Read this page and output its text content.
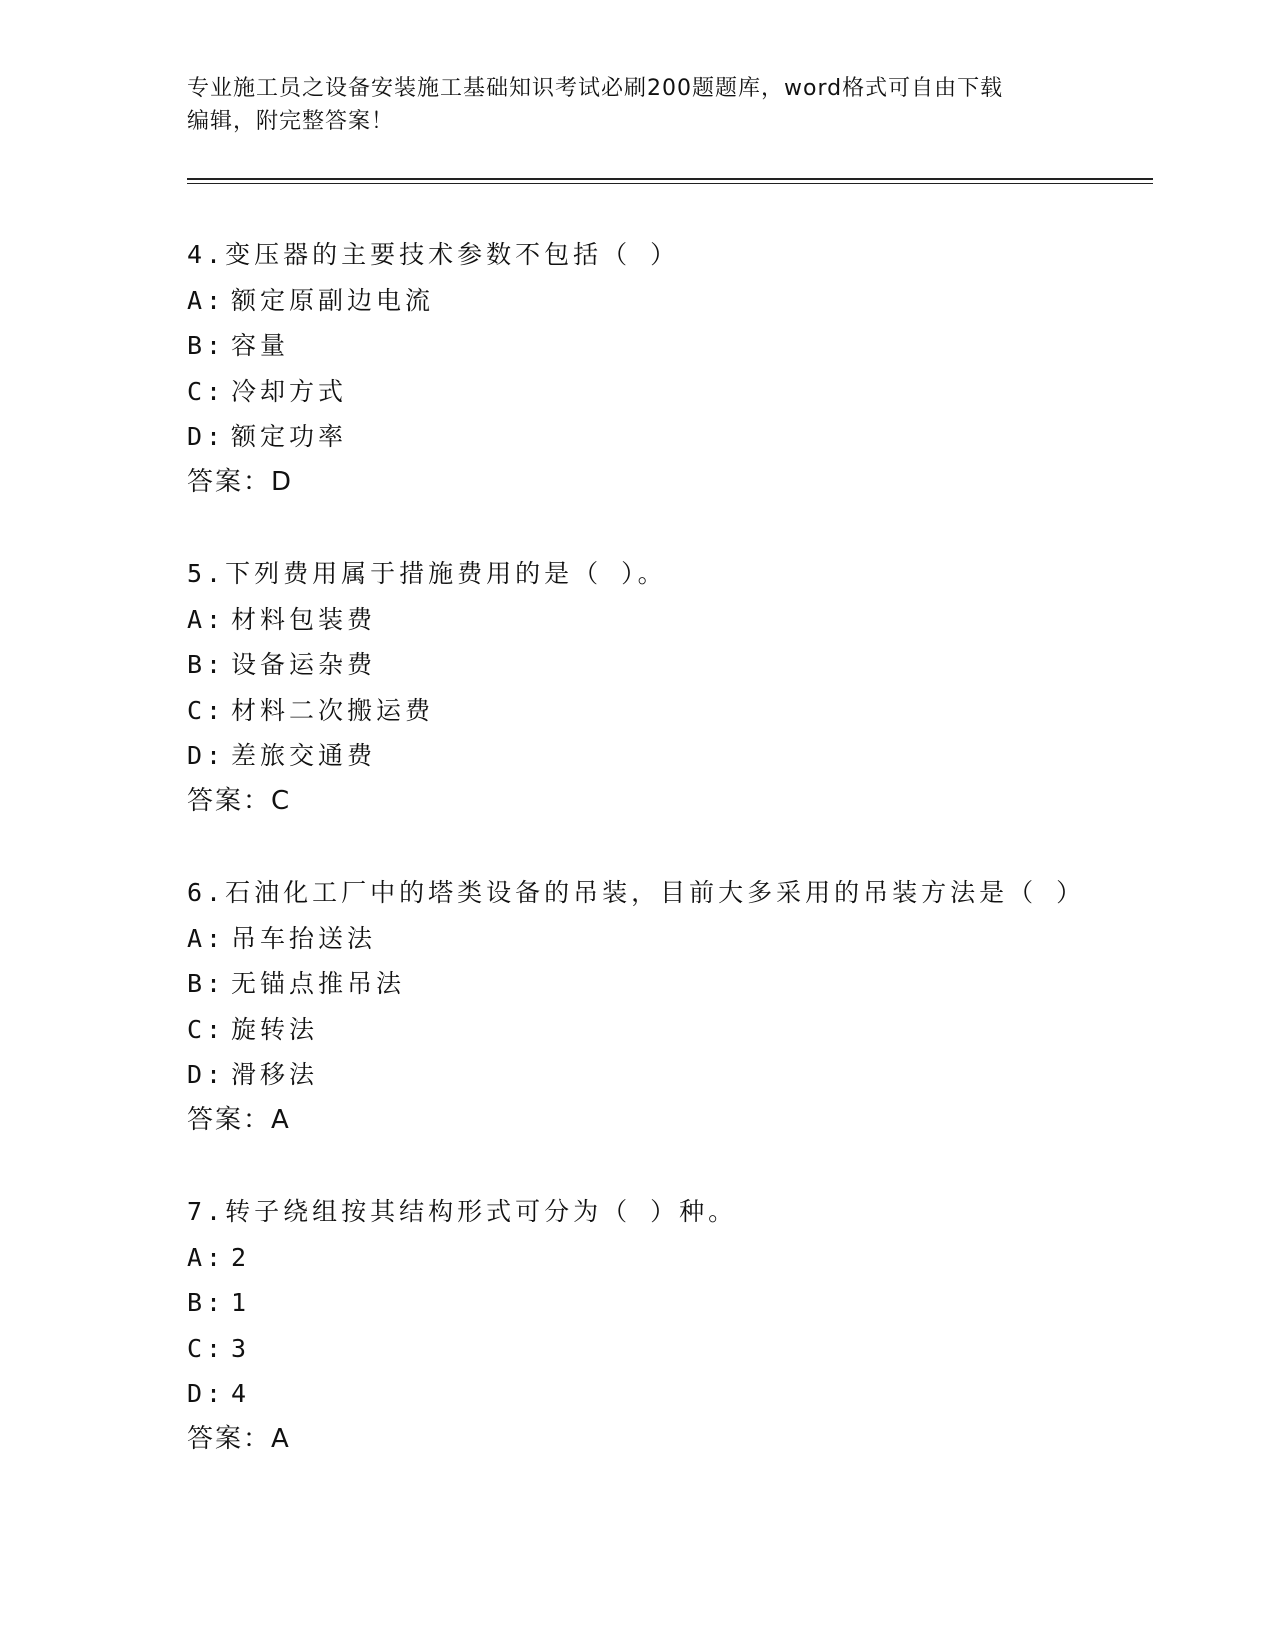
专业施工员之设备安装施工基础知识考试必刷200题题库，word格式可自由下载
编辑，附完整答案！
4.变压器的主要技术参数不包括（ ）
A: 额定原副边电流
B: 容量
C: 冷却方式
D: 额定功率
答案：D
5.下列费用属于措施费用的是（ ）。
A: 材料包装费
B: 设备运杂费
C: 材料二次搬运费
D: 差旅交通费
答案：C
6.石油化工厂中的塔类设备的吊装，目前大多采用的吊装方法是（ ）
A: 吊车抬送法
B: 无锚点推吊法
C: 旋转法
D: 滑移法
答案：A
7.转子绕组按其结构形式可分为（ ）种。
A: 2
B: 1
C: 3
D: 4
答案：A
